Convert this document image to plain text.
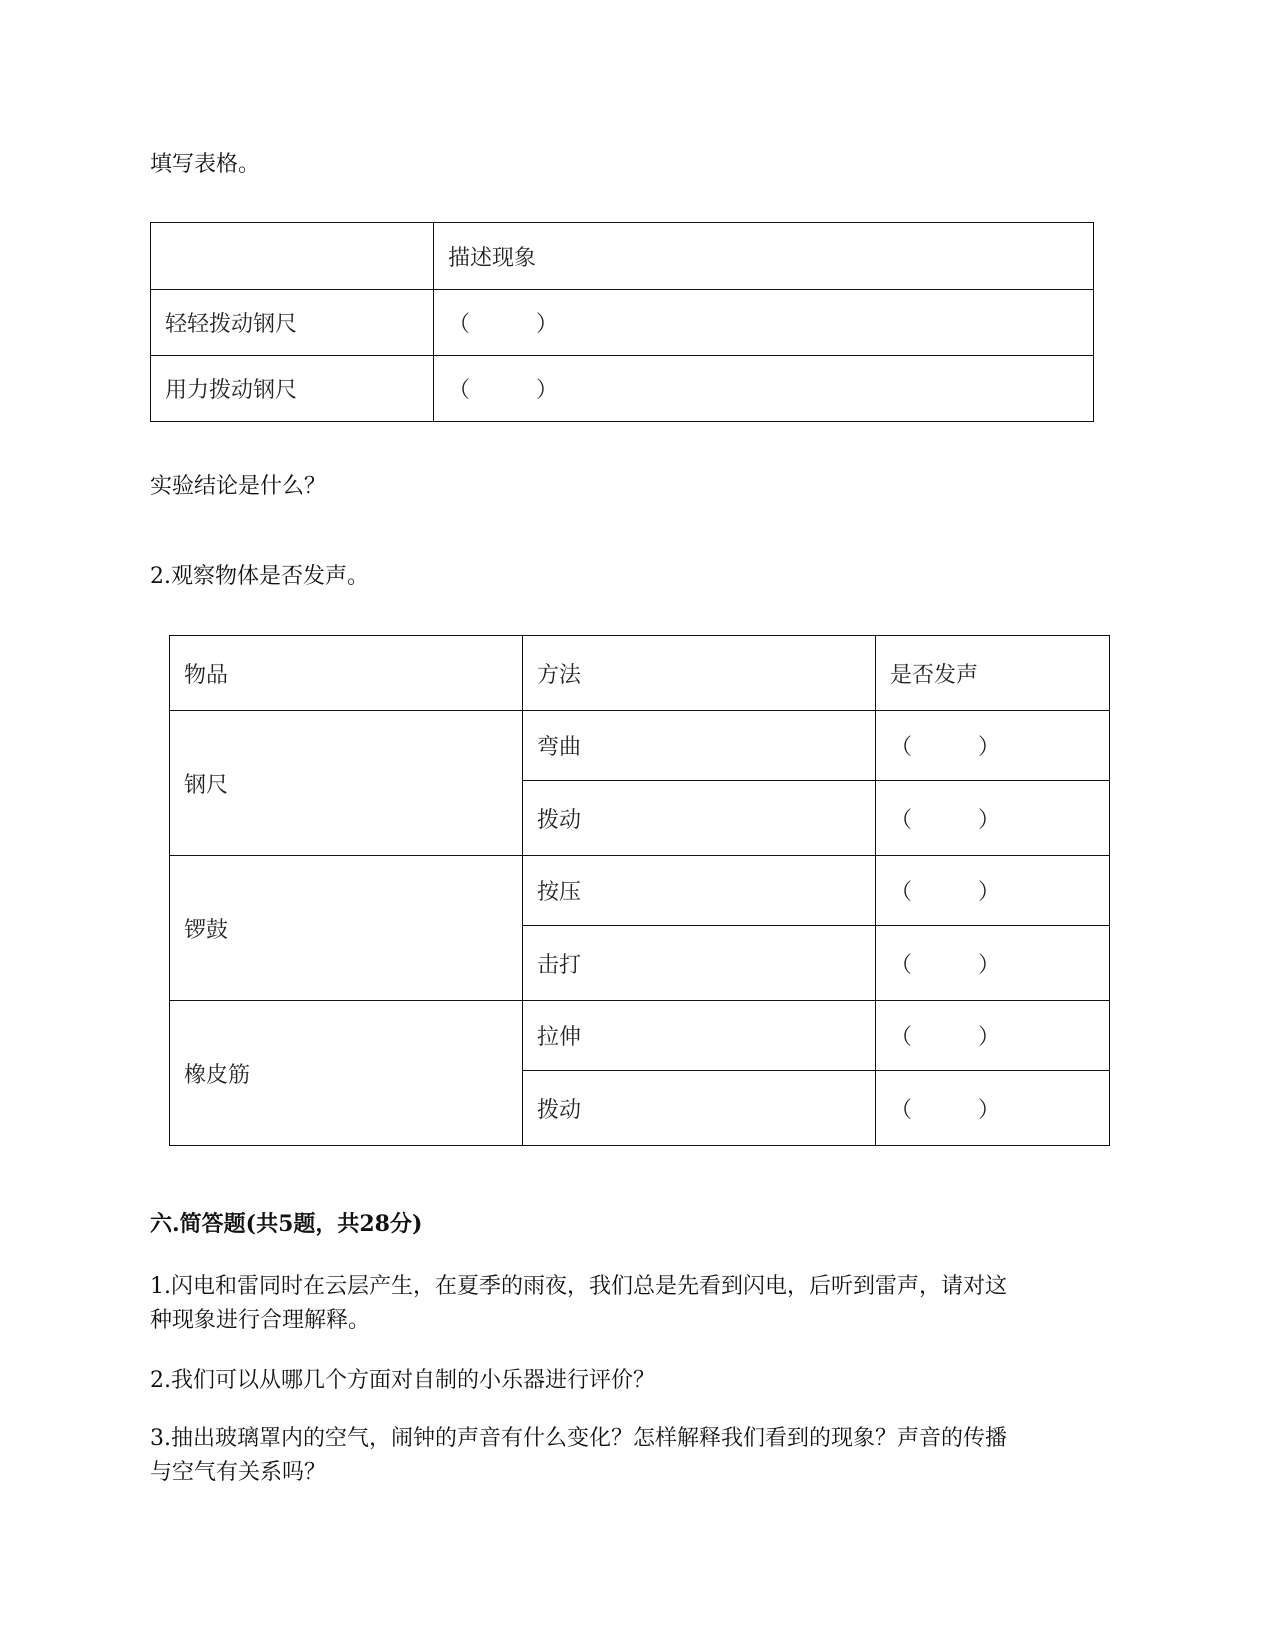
填写表格。

	描述现象
轻轻拨动钢尺	（　　　）
用力拨动钢尺	（　　　）

实验结论是什么？

2.观察物体是否发声。

物品	方法	是否发声
钢尺	弯曲	（　　　）
	拨动	（　　　）
锣鼓	按压	（　　　）
	击打	（　　　）
橡皮筋	拉伸	（　　　）
	拨动	（　　　）

六.简答题(共5题，共28分)

1.闪电和雷同时在云层产生，在夏季的雨夜，我们总是先看到闪电，后听到雷声，请对这

种现象进行合理解释。

2.我们可以从哪几个方面对自制的小乐器进行评价？

3.抽出玻璃罩内的空气，闹钟的声音有什么变化？怎样解释我们看到的现象？声音的传播

与空气有关系吗？
